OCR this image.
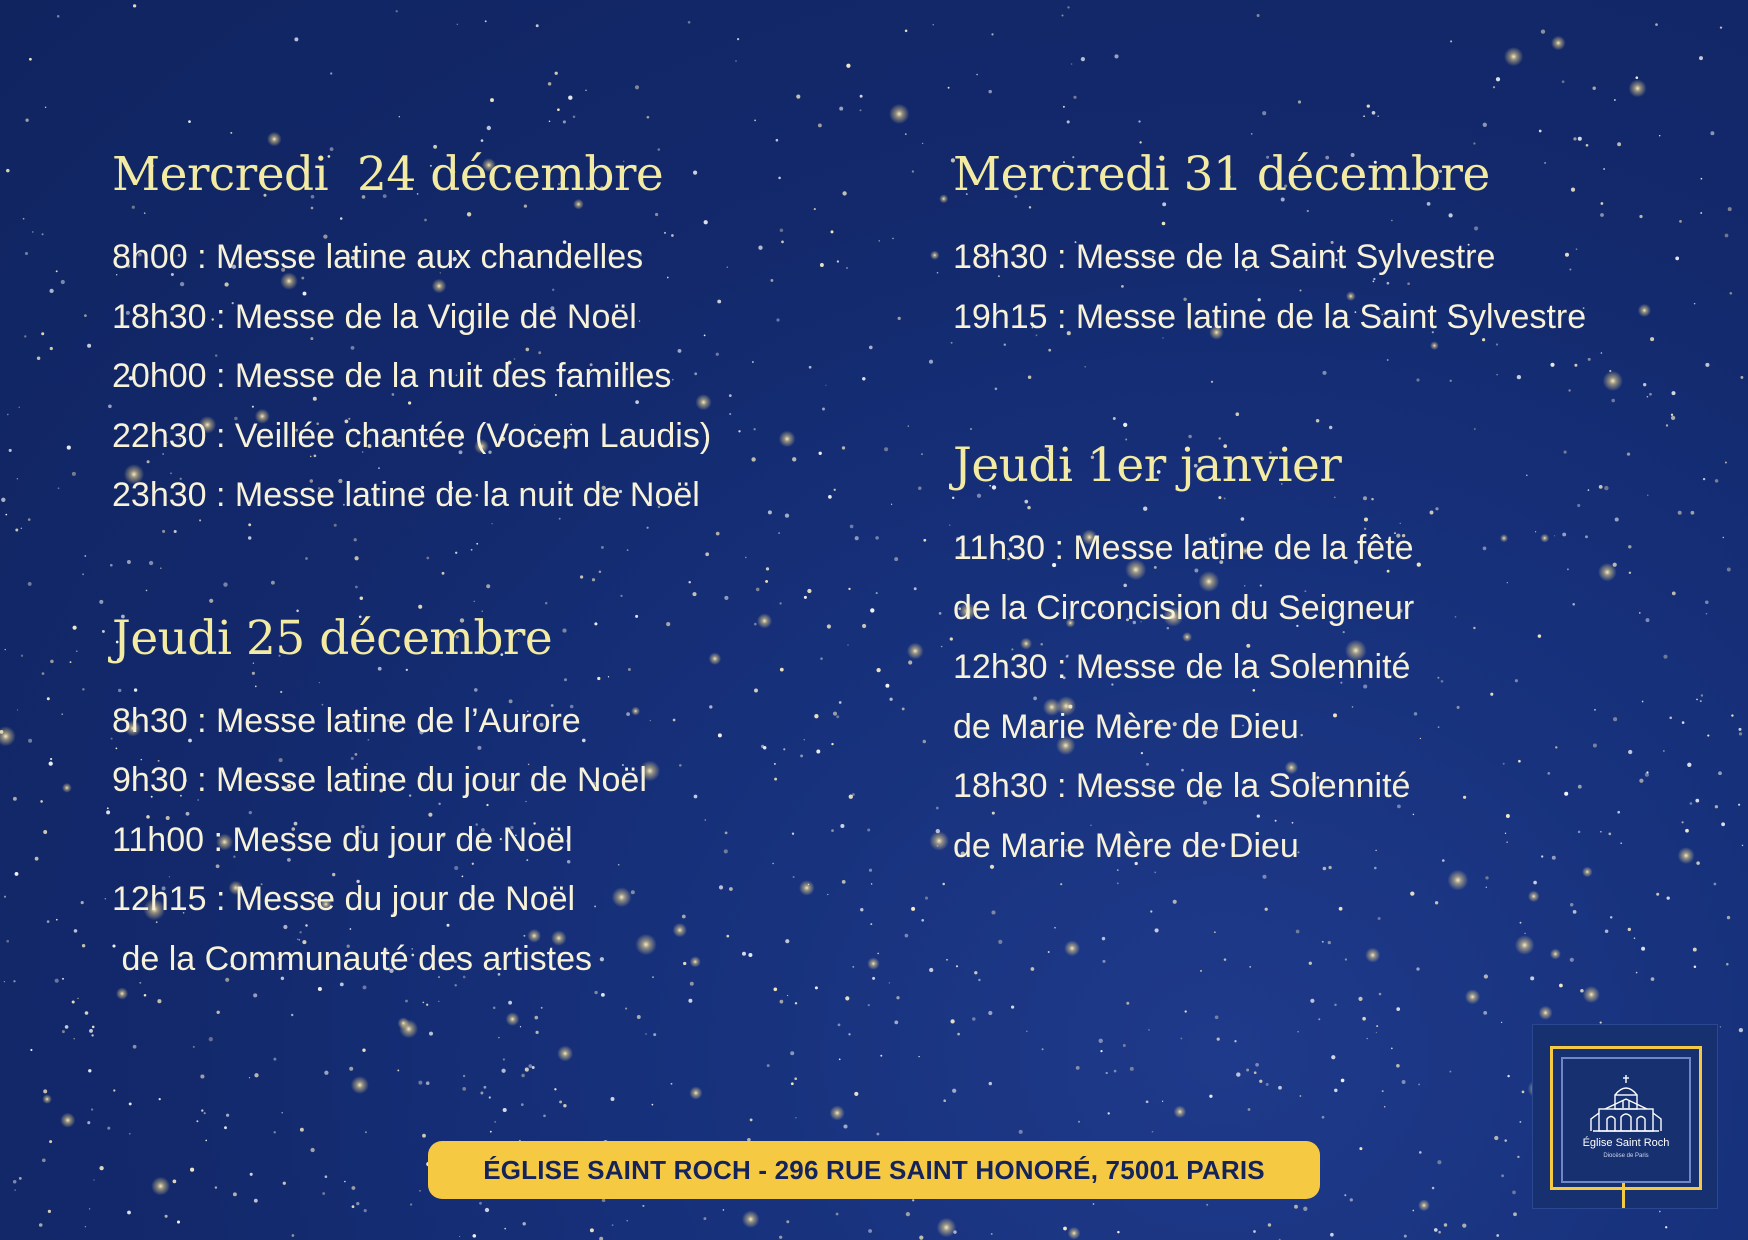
Mercredi  24 décembre
8h00 : Messe latine aux chandelles
18h30 : Messe de la Vigile de Noël
20h00 : Messe de la nuit des familles
22h30 : Veillée chantée (Vocem Laudis)
23h30 : Messe latine de la nuit de Noël
Jeudi 25 décembre
8h30 : Messe latine de l’Aurore
9h30 : Messe latine du jour de Noël
11h00 : Messe du jour de Noël
12h15 : Messe du jour de Noël
de la Communauté des artistes
Mercredi 31 décembre
18h30 : Messe de la Saint Sylvestre
19h15 : Messe latine de la Saint Sylvestre
Jeudi 1er janvier
11h30 : Messe latine de la fête
de la Circoncision du Seigneur
12h30 : Messe de la Solennité
de Marie Mère de Dieu
18h30 : Messe de la Solennité
de Marie Mère de Dieu
ÉGLISE SAINT ROCH - 296 RUE SAINT HONORÉ, 75001 PARIS
Église Saint Roch
Diocèse de Paris
